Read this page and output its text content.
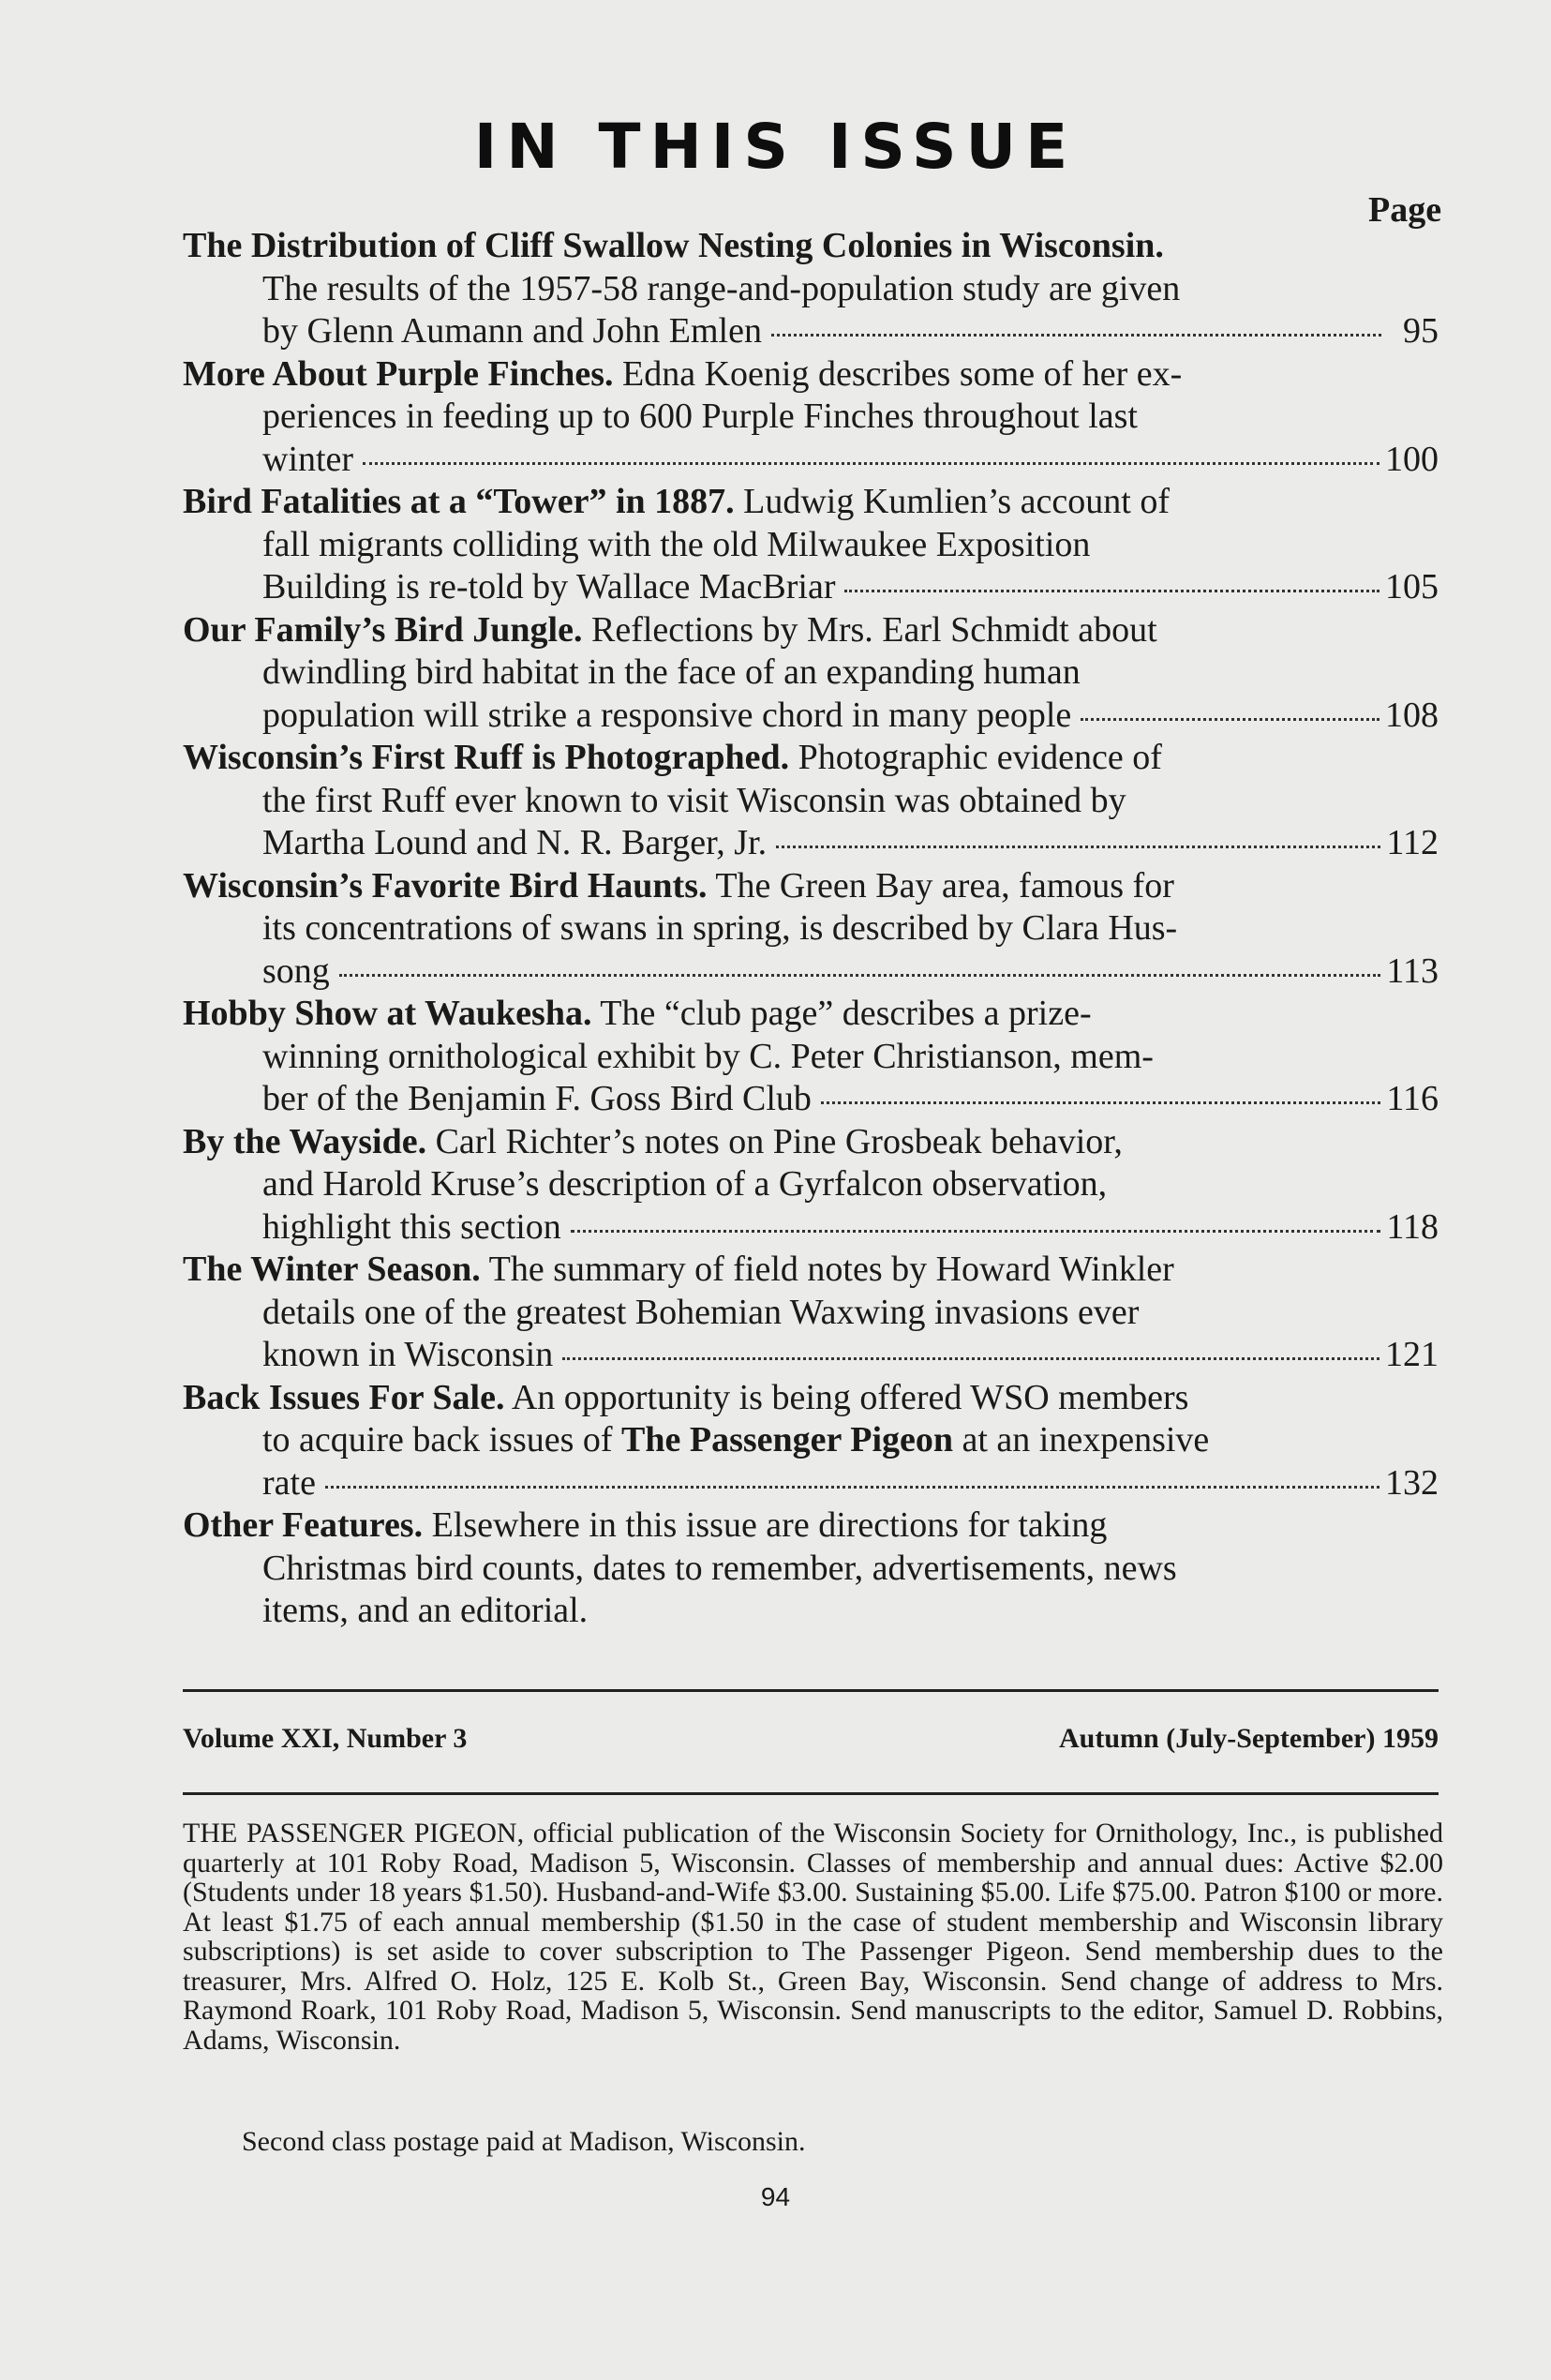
IN THIS ISSUE
Page
The Distribution of Cliff Swallow Nesting Colonies in Wisconsin.
The results of the 1957-58 range-and-population study are given
by Glenn Aumann and John Emlen	95
More About Purple Finches. Edna Koenig describes some of her ex-
periences in feeding up to 600 Purple Finches throughout last
winter	100
Bird Fatalities at a “Tower” in 1887. Ludwig Kumlien’s account of
fall migrants colliding with the old Milwaukee Exposition
Building is re-told by Wallace MacBriar	105
Our Family’s Bird Jungle. Reflections by Mrs. Earl Schmidt about
dwindling bird habitat in the face of an expanding human
population will strike a responsive chord in many people	108
Wisconsin’s First Ruff is Photographed. Photographic evidence of
the first Ruff ever known to visit Wisconsin was obtained by
Martha Lound and N. R. Barger, Jr.	112
Wisconsin’s Favorite Bird Haunts. The Green Bay area, famous for
its concentrations of swans in spring, is described by Clara Hus-
song	113
Hobby Show at Waukesha. The “club page” describes a prize-
winning ornithological exhibit by C. Peter Christianson, mem-
ber of the Benjamin F. Goss Bird Club	116
By the Wayside. Carl Richter’s notes on Pine Grosbeak behavior,
and Harold Kruse’s description of a Gyrfalcon observation,
highlight this section	118
The Winter Season. The summary of field notes by Howard Winkler
details one of the greatest Bohemian Waxwing invasions ever
known in Wisconsin	121
Back Issues For Sale. An opportunity is being offered WSO members
to acquire back issues of The Passenger Pigeon at an inexpensive
rate	132
Other Features. Elsewhere in this issue are directions for taking
Christmas bird counts, dates to remember, advertisements, news
items, and an editorial.
Volume XXI, Number 3	Autumn (July-September) 1959
THE PASSENGER PIGEON, official publication of the Wisconsin Society for Ornithology, Inc., is published quarterly at 101 Roby Road, Madison 5, Wisconsin. Classes of membership and annual dues: Active $2.00 (Students under 18 years $1.50). Husband-and-Wife $3.00. Sustaining $5.00. Life $75.00. Patron $100 or more. At least $1.75 of each annual membership ($1.50 in the case of student membership and Wisconsin library subscriptions) is set aside to cover subscription to The Passenger Pigeon. Send membership dues to the treasurer, Mrs. Alfred O. Holz, 125 E. Kolb St., Green Bay, Wisconsin. Send change of address to Mrs. Raymond Roark, 101 Roby Road, Madison 5, Wisconsin. Send manuscripts to the editor, Samuel D. Robbins, Adams, Wisconsin.
Second class postage paid at Madison, Wisconsin.
94
